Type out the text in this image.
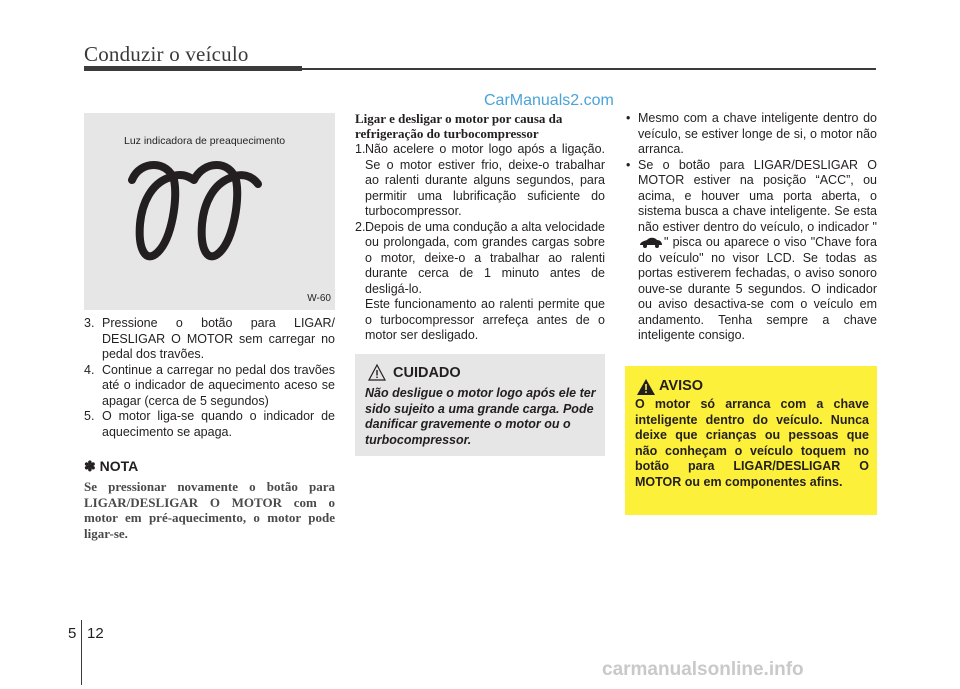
Conduzir o veículo
CarManuals2.com
Luz indicadora de preaquecimento
W-60
3. Pressione o botão para LIGAR/ DESLIGAR O MOTOR sem carregar no pedal dos travões.
4. Continue a carregar no pedal dos travões até o indicador de aquecimento aceso se apagar (cerca de 5 segundos)
5. O motor liga-se quando o indicador de aquecimento se apaga.
✽ NOTA
Se pressionar novamente o botão para LIGAR/DESLIGAR O MOTOR com o motor em pré-aquecimento, o motor pode ligar-se.
Ligar e desligar o motor por causa da refrigeração do turbocompressor
1. Não acelere o motor logo após a ligação. Se o motor estiver frio, deixe-o trabalhar ao ralenti durante alguns segundos, para permitir uma lubrificação suficiente do turbocompressor.
2. Depois de uma condução a alta velocidade ou prolongada, com grandes cargas sobre o motor, deixe-o a trabalhar ao ralenti durante cerca de 1 minuto antes de desligá-lo.
Este funcionamento ao ralenti permite que o turbocompressor arrefeça antes de o motor ser desligado.
CUIDADO
Não desligue o motor logo após ele ter sido sujeito a uma grande carga. Pode danificar gravemente o motor ou o turbocompressor.
• Mesmo com a chave inteligente dentro do veículo, se estiver longe de si, o motor não arranca.
• Se o botão para LIGAR/DESLIGAR O MOTOR estiver na posição “ACC”, ou acima, e houver uma porta aberta, o sistema busca a chave inteligente. Se esta não estiver dentro do veículo, o indicador "" pisca ou aparece o viso "Chave fora do veículo" no visor LCD. Se todas as portas estiverem fechadas, o aviso sonoro ouve-se durante 5 segundos. O indicador ou aviso desactiva-se com o veículo em andamento. Tenha sempre a chave inteligente consigo.
AVISO
O motor só arranca com a chave inteligente dentro do veículo. Nunca deixe que crianças ou pessoas que não conheçam o veículo toquem no botão para LIGAR/DESLIGAR O MOTOR ou em componentes afins.
5 12
carmanualsonline.info
